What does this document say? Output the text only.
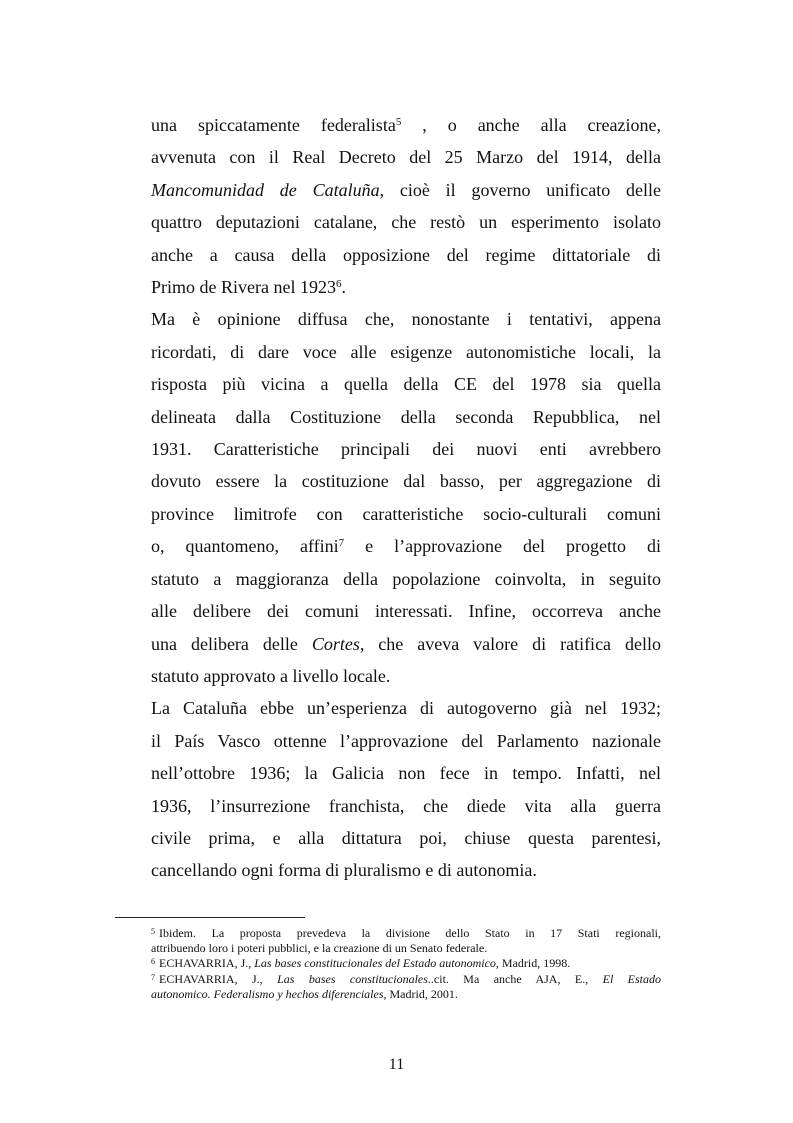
una spiccatamente federalista$^5$ , o anche alla creazione,
avvenuta con il Real Decreto del 25 Marzo del 1914, della
Mancomunidad de Cataluña, cioè il governo unificato delle
quattro deputazioni catalane, che restò un esperimento isolato
anche a causa della opposizione del regime dittatoriale di
Primo de Rivera nel 1923$^6$.

Ma è opinione diffusa che, nonostante i tentativi, appena
ricordati, di dare voce alle esigenze autonomistiche locali, la
risposta più vicina a quella della CE del 1978 sia quella
delineata dalla Costituzione della seconda Repubblica, nel
1931. Caratteristiche principali dei nuovi enti avrebbero
dovuto essere la costituzione dal basso, per aggregazione di
province limitrofe con caratteristiche socio-culturali comuni
o, quantomeno, affini$^7$ e l’approvazione del progetto di
statuto a maggioranza della popolazione coinvolta, in seguito
alle delibere dei comuni interessati. Infine, occorreva anche
una delibera delle Cortes, che aveva valore di ratifica dello
statuto approvato a livello locale.

La Cataluña ebbe un’esperienza di autogoverno già nel 1932;
il País Vasco ottenne l’approvazione del Parlamento nazionale
nell’ottobre 1936; la Galicia non fece in tempo. Infatti, nel
1936, l’insurrezione franchista, che diede vita alla guerra
civile prima, e alla dittatura poi, chiuse questa parentesi,
cancellando ogni forma di pluralismo e di autonomia.

$^5$ Ibidem. La proposta prevedeva la divisione dello Stato in 17 Stati regionali,
attribuendo loro i poteri pubblici, e la creazione di un Senato federale.

$^6$ ECHAVARRIA, J., Las bases constitucionales del Estado autonomico, Madrid, 1998.

$^7$ ECHAVARRIA, J., Las bases constitucionales..cit. Ma anche AJA, E., El Estado
autonomico. Federalismo y hechos diferenciales, Madrid, 2001.

11
